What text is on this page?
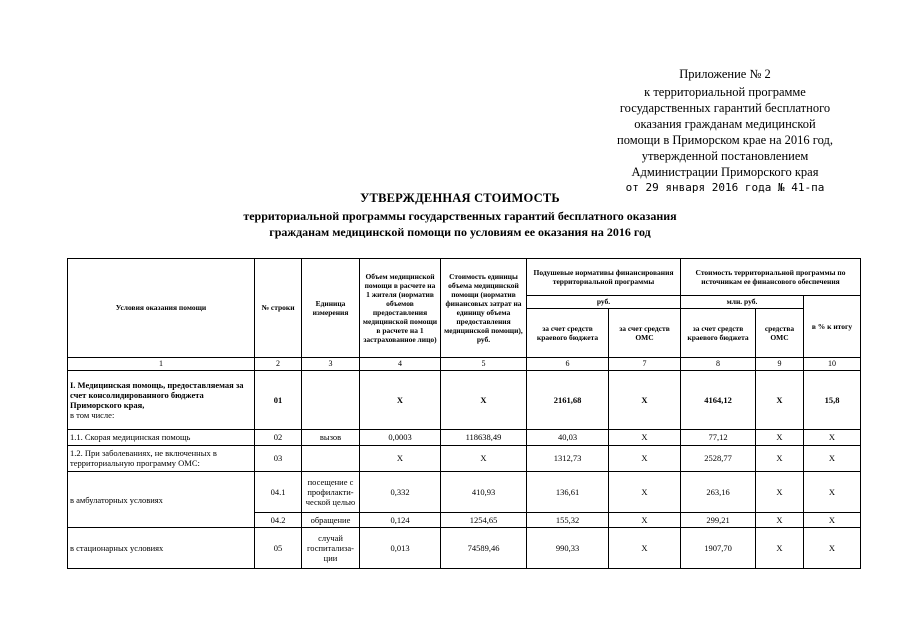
Приложение № 2
к территориальной программе
государственных гарантий бесплатного
оказания гражданам медицинской
помощи в Приморском крае на 2016 год,
утвержденной постановлением
Администрации Приморского края
от 29 января 2016 года № 41-па
УТВЕРЖДЕННАЯ СТОИМОСТЬ
территориальной программы государственных гарантий бесплатного оказания
гражданам медицинской помощи по условиям ее оказания на 2016 год
Условия оказания помощи	№ строки	Единица измерения	Объем медицинской помощи в расчете на 1 жителя (норматив объемов предоставления медицинской помощи в расчете на 1 застрахованное лицо)	Стоимость единицы объема медицинской помощи (норматив финансовых затрат на единицу объема предоставления медицинской помощи), руб.	Подушевые нормативы финансирования территориальной программы		Стоимость территориальной программы по источникам ее финансового обеспечения		
					руб.		млн. руб.		в % к итогу
					за счет средств краевого бюджета	за счет средств ОМС	за счет средств краевого бюджета	средства ОМС	
1	2	3	4	5	6	7	8	9	10
I. Медицинская помощь, предоставляемая за счет консолидированного бюджета Приморского края,
в том числе:	01		X	X	2161,68	X	4164,12	X	15,8
1.1. Скорая медицинская помощь	02	вызов	0,0003	118638,49	40,03	X	77,12	X	X
1.2. При заболеваниях, не включенных в территориальную программу ОМС:	03		X	X	1312,73	X	2528,77	X	X
в амбулаторных условиях	04.1	посещение с профилакти-ческой целью	0,332	410,93	136,61	X	263,16	X	X
	04.2	обращение	0,124	1254,65	155,32	X	299,21	X	X
в стационарных условиях	05	случай госпитализа-ции	0,013	74589,46	990,33	X	1907,70	X	X
